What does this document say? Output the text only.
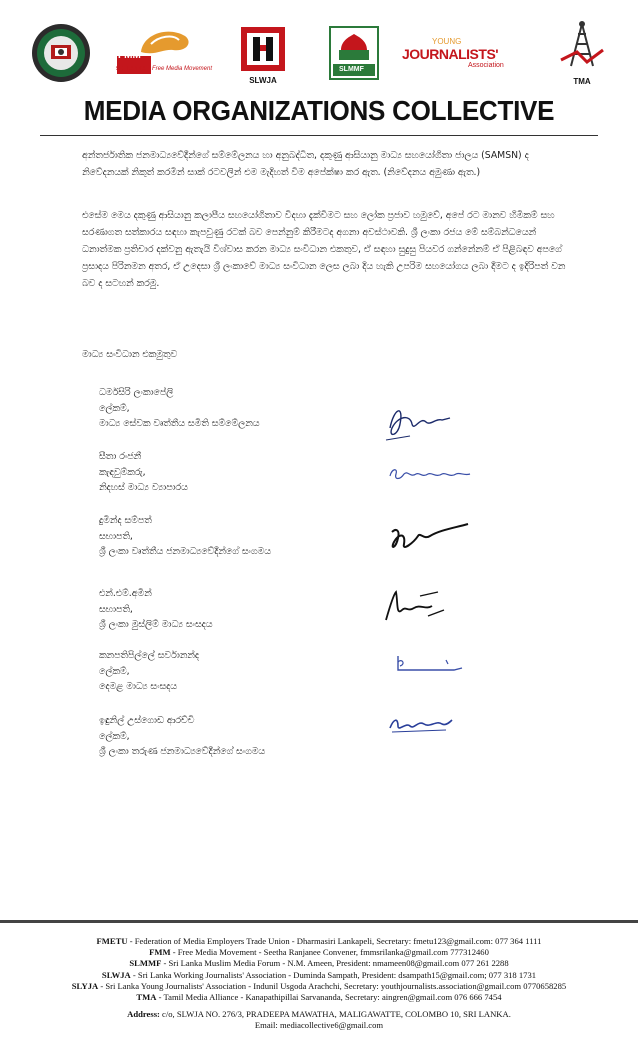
FMM
SRI LANKA Free Media Movement
SLWJA
SLMMF
YOUNG
JOURNALISTS'
Association
TMA
MEDIA ORGANIZATIONS COLLECTIVE
අන්තර්ජාතික ජනමාධ්‍යවේදීන්ගේ සම්මේලනය හා අනුබද්ධිත, දකුණු ආසියානු මාධ්‍ය සහයෝගිතා ජාලය (SAMSN) ද නිවේදනයක් නිකුත් කරමින් සාක් රටවලින් එම මැදිහත් වීම අපේක්ෂා කර ඇත. (නිවේදනය අමුණා ඇත.)
එසේම මෙය දකුණු ආසියානු කලාපීය සහයෝගිතාව විදහා දැක්වීමට සහ ලෝක ප්‍රජාව හමුවේ, අපේ රට මානව හිමිකම් සහ සරණාගත සත්කාරය සඳහා කැපවුණු රටක් බව පෙන්නුම් කිරීමටද අගනා අවස්ථාවකි. ශ්‍රී ලංකා රජය මේ සම්බන්ධයෙන් ධනාත්මක ප්‍රතිචාර දක්වනු ඇතැයි විශ්වාස කරන මාධ්‍ය සංවිධාන එකතුව, ඒ සඳහා සුදුසු පියවර ගන්නේනම් ඒ පිළිබඳව අපගේ ප්‍රසාදය පිරිනමන අතර, ඒ උදෙසා ශ්‍රී ලංකාවේ මාධ්‍ය සංවිධාන ලෙස ලබා දිය හැකි උපරිම සහයෝගය ලබා දීමට ද ඉදිරිපත් වන බව ද සටහන් කරමු.
මාධ්‍ය සංවිධාන එකමුතුව
ධර්මසිරි ලංකාපේලි
ලේකම්,
මාධ්‍ය සේවක වෘත්තීය සමිති සම්මේලනය
සීතා රංජනී
කැඳවුම්කරු,
නිදහස් මාධ්‍ය ව්‍යාපාරය
දුමින්ද සම්පත්
සභාපති,
ශ්‍රී ලංකා වෘත්තීය ජනමාධ්‍යවේදීන්ගේ සංගමය
එන්.එම්.අමීන්
සභාපති,
ශ්‍රී ලංකා මුස්ලිම් මාධ්‍ය සංසදය
කනපතිපිල්ලේ සර්වානන්ද
ලේකම්,
දෙමළ මාධ්‍ය සංසදය
ඉඳුනිල් උස්ගොඩ ආරච්චි
ලේකම්,
ශ්‍රී ලංකා තරුණ ජනමාධ්‍යවේදීන්ගේ සංගමය
FMETU - Federation of Media Employers Trade Union - Dharmasiri Lankapeli, Secretary: fmetu123@gmail.com: 077 364 1111
FMM - Free Media Movement - Seetha Ranjanee Convener, fmmsrilanka@gmail.com 777312460
SLMMF - Sri Lanka Muslim Media Forum - N.M. Ameen, President: nmameen08@gmail.com 077 261 2288
SLWJA - Sri Lanka Working Journalists' Association - Duminda Sampath, President: dsampath15@gmail.com; 077 318 1731
SLYJA - Sri Lanka Young Journalists' Association - Indunil Usgoda Arachchi, Secretary: youthjournalists.association@gmail.com 0770658285
TMA - Tamil Media Alliance - Kanapathipillai Sarvananda, Secretary: aingren@gmail.com 076 666 7454
Address: c/o, SLWJA NO. 276/3, PRADEEPA MAWATHA, MALIGAWATTE, COLOMBO 10, SRI LANKA.
Email: mediacollective6@gmail.com
